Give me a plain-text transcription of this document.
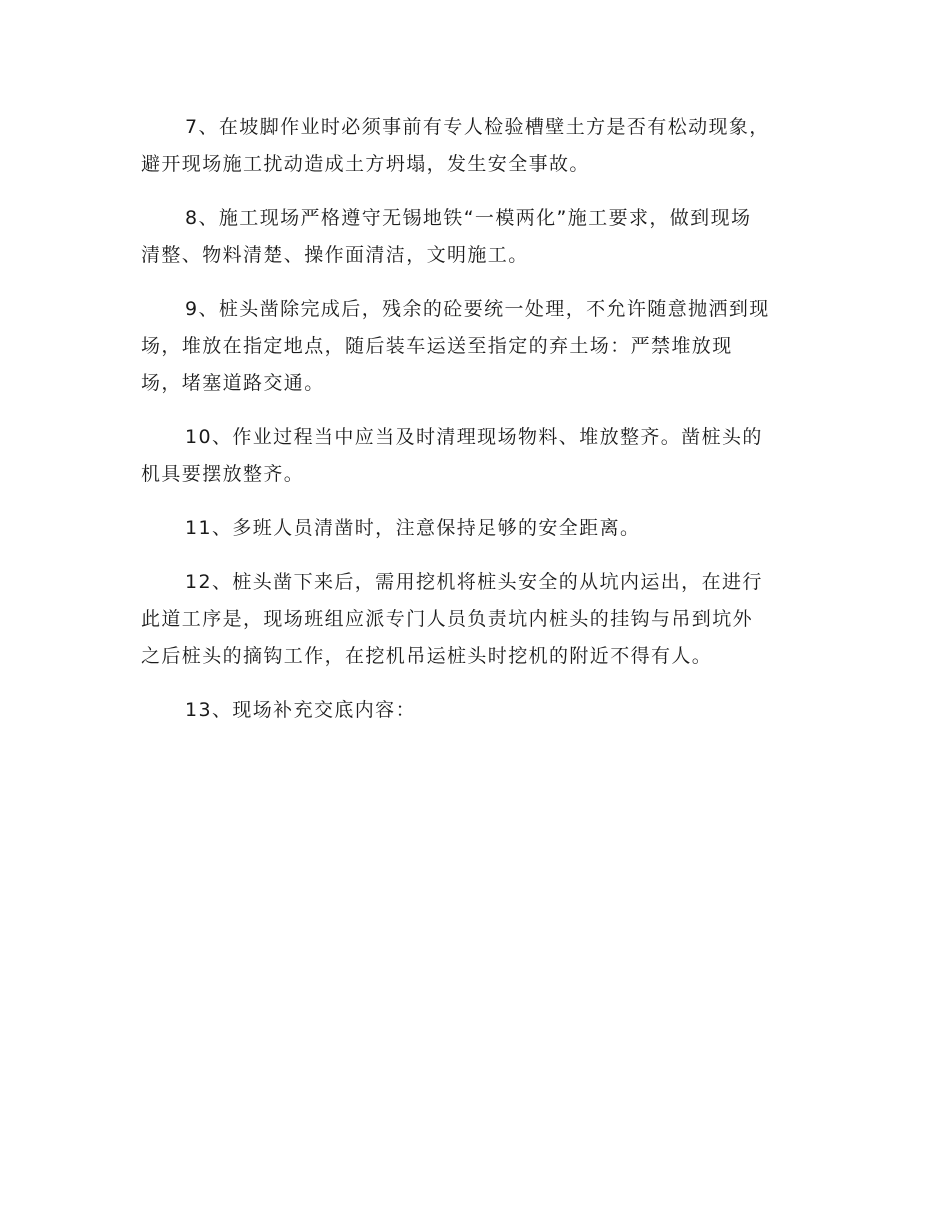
7、在坡脚作业时必须事前有专人检验槽壁土方是否有松动现象，
避开现场施工扰动造成土方坍塌，发生安全事故。

8、施工现场严格遵守无锡地铁“一模两化”施工要求，做到现场
清整、物料清楚、操作面清洁，文明施工。

9、桩头凿除完成后，残余的砼要统一处理，不允许随意抛洒到现
场，堆放在指定地点，随后装车运送至指定的弃土场：严禁堆放现
场，堵塞道路交通。

10、作业过程当中应当及时清理现场物料、堆放整齐。凿桩头的
机具要摆放整齐。

11、多班人员清凿时，注意保持足够的安全距离。

12、桩头凿下来后，需用挖机将桩头安全的从坑内运出，在进行
此道工序是，现场班组应派专门人员负责坑内桩头的挂钩与吊到坑外
之后桩头的摘钩工作，在挖机吊运桩头时挖机的附近不得有人。

13、现场补充交底内容：
